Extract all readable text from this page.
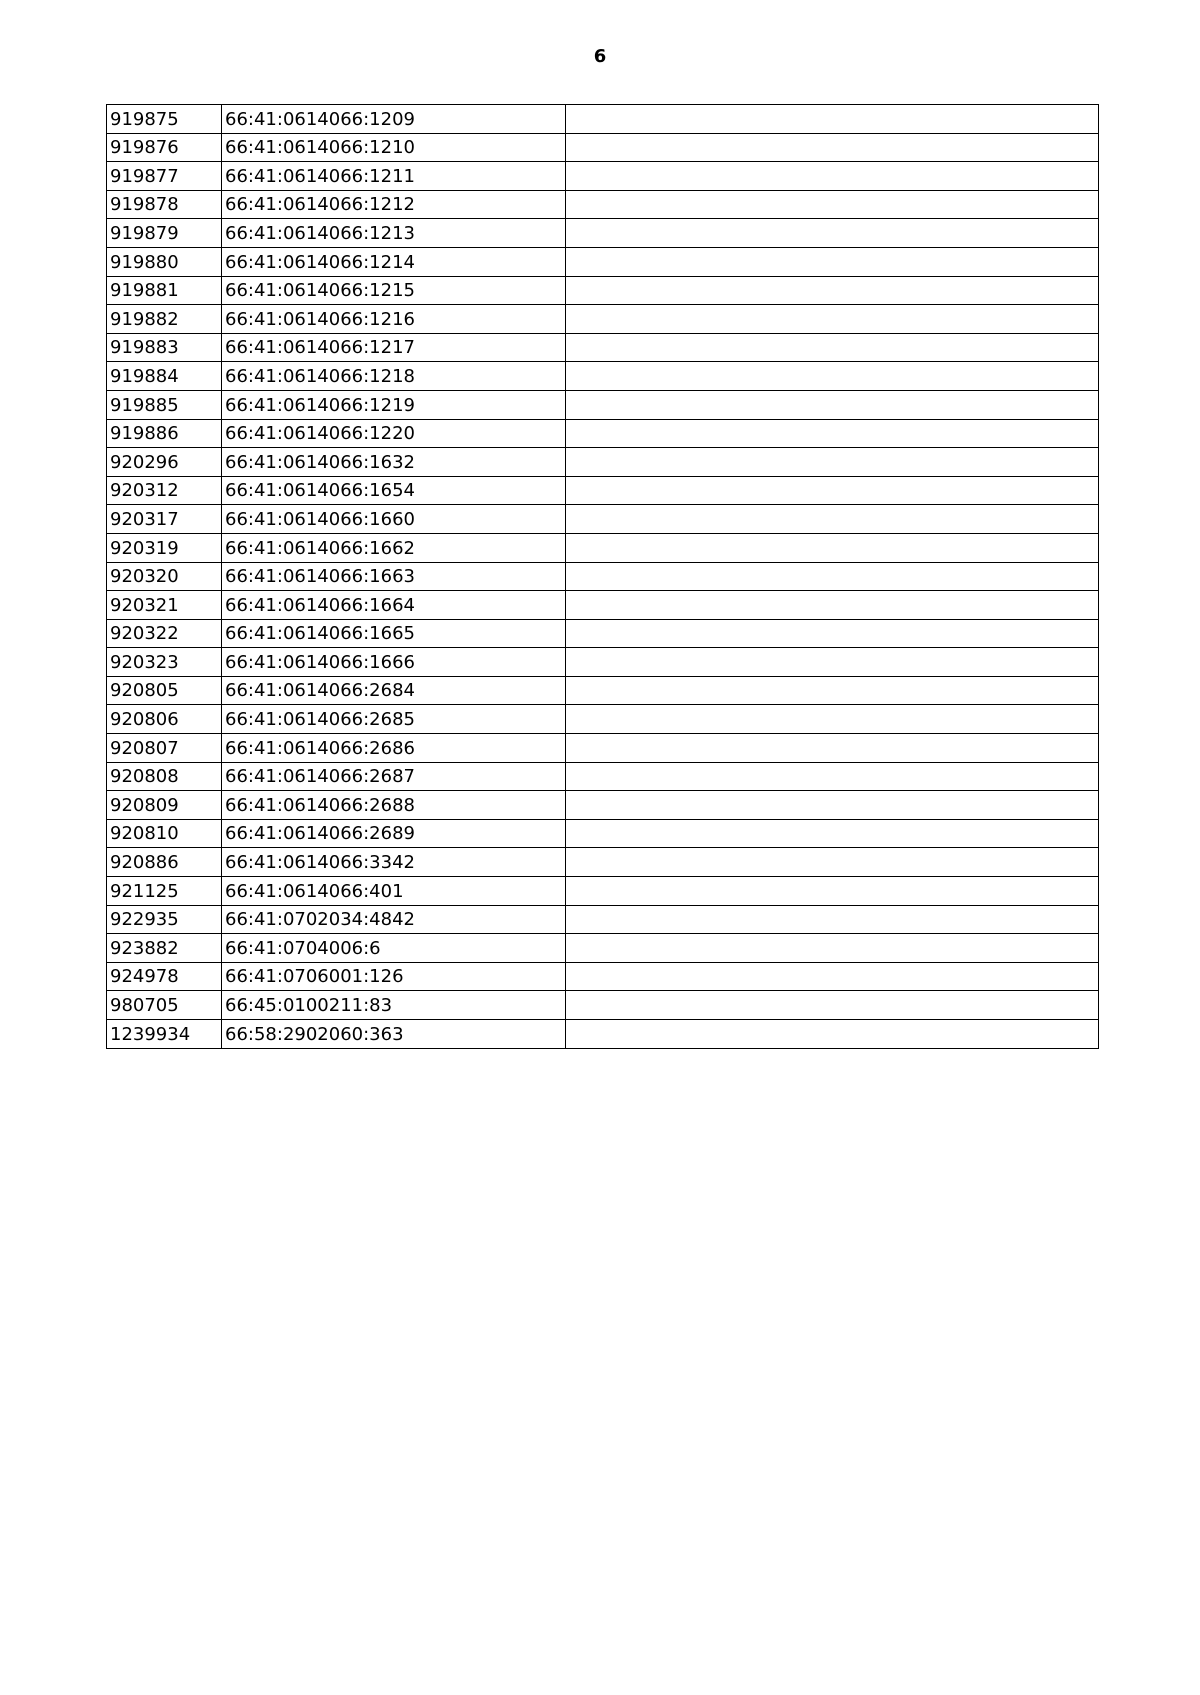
6
919875	66:41:0614066:1209		
919876	66:41:0614066:1210		
919877	66:41:0614066:1211		
919878	66:41:0614066:1212		
919879	66:41:0614066:1213		
919880	66:41:0614066:1214		
919881	66:41:0614066:1215		
919882	66:41:0614066:1216		
919883	66:41:0614066:1217		
919884	66:41:0614066:1218		
919885	66:41:0614066:1219		
919886	66:41:0614066:1220		
920296	66:41:0614066:1632		
920312	66:41:0614066:1654		
920317	66:41:0614066:1660		
920319	66:41:0614066:1662		
920320	66:41:0614066:1663		
920321	66:41:0614066:1664		
920322	66:41:0614066:1665		
920323	66:41:0614066:1666		
920805	66:41:0614066:2684		
920806	66:41:0614066:2685		
920807	66:41:0614066:2686		
920808	66:41:0614066:2687		
920809	66:41:0614066:2688		
920810	66:41:0614066:2689		
920886	66:41:0614066:3342		
921125	66:41:0614066:401		
922935	66:41:0702034:4842		
923882	66:41:0704006:6		
924978	66:41:0706001:126		
980705	66:45:0100211:83		
1239934	66:58:2902060:363		
